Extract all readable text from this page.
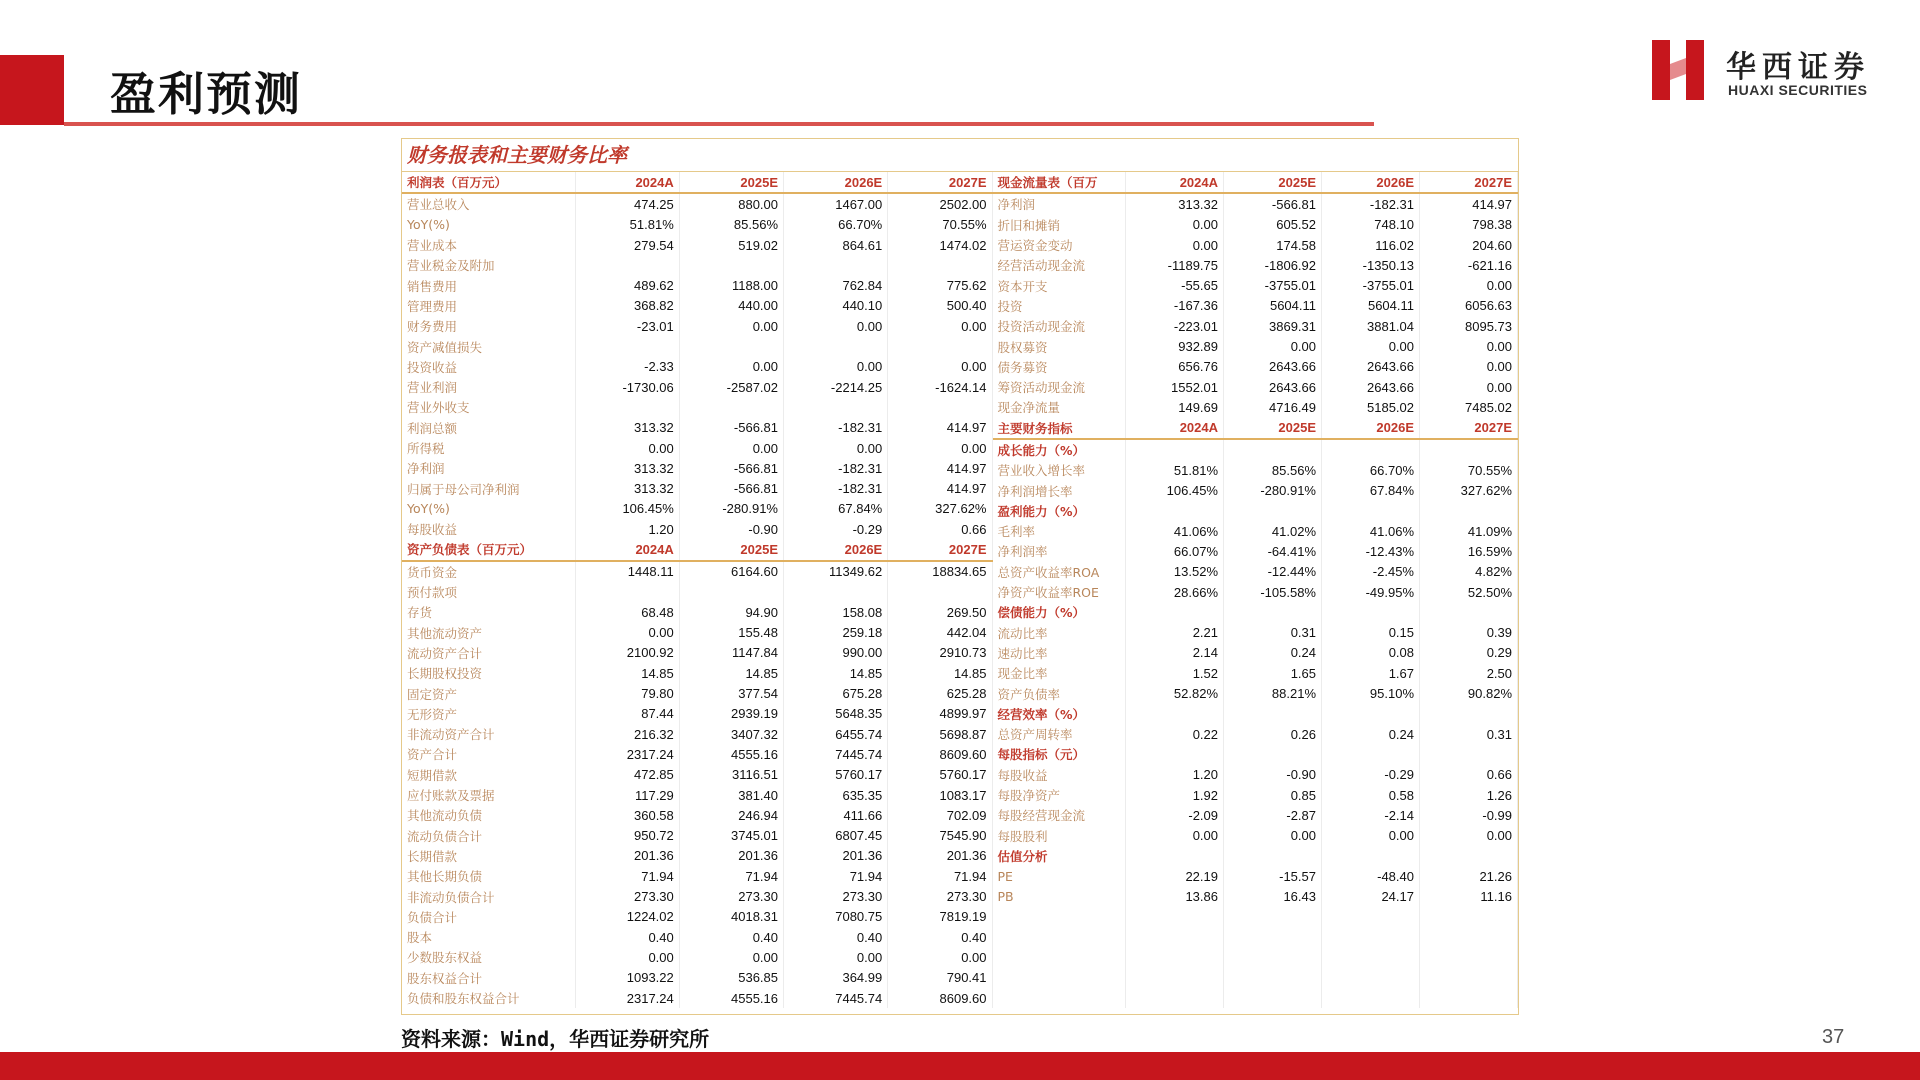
盈利预测	华西证券
HUAXI SECURITIES
财务报表和主要财务比率
利润表（百万元）	2024A	2025E	2026E	2027E
营业总收入	474.25	880.00	1467.00	2502.00
YoY(%)	51.81%	85.56%	66.70%	70.55%
营业成本	279.54	519.02	864.61	1474.02
营业税金及附加				
销售费用	489.62	1188.00	762.84	775.62
管理费用	368.82	440.00	440.10	500.40
财务费用	-23.01	0.00	0.00	0.00
资产减值损失				
投资收益	-2.33	0.00	0.00	0.00
营业利润	-1730.06	-2587.02	-2214.25	-1624.14
营业外收支				
利润总额	313.32	-566.81	-182.31	414.97
所得税	0.00	0.00	0.00	0.00
净利润	313.32	-566.81	-182.31	414.97
归属于母公司净利润	313.32	-566.81	-182.31	414.97
YoY(%)	106.45%	-280.91%	67.84%	327.62%
每股收益	1.20	-0.90	-0.29	0.66
资产负债表（百万元）	2024A	2025E	2026E	2027E
货币资金	1448.11	6164.60	11349.62	18834.65
预付款项				
存货	68.48	94.90	158.08	269.50
其他流动资产	0.00	155.48	259.18	442.04
流动资产合计	2100.92	1147.84	990.00	2910.73
长期股权投资	14.85	14.85	14.85	14.85
固定资产	79.80	377.54	675.28	625.28
无形资产	87.44	2939.19	5648.35	4899.97
非流动资产合计	216.32	3407.32	6455.74	5698.87
资产合计	2317.24	4555.16	7445.74	8609.60
短期借款	472.85	3116.51	5760.17	5760.17
应付账款及票据	117.29	381.40	635.35	1083.17
其他流动负债	360.58	246.94	411.66	702.09
流动负债合计	950.72	3745.01	6807.45	7545.90
长期借款	201.36	201.36	201.36	201.36
其他长期负债	71.94	71.94	71.94	71.94
非流动负债合计	273.30	273.30	273.30	273.30
负债合计	1224.02	4018.31	7080.75	7819.19
股本	0.40	0.40	0.40	0.40
少数股东权益	0.00	0.00	0.00	0.00
股东权益合计	1093.22	536.85	364.99	790.41
负债和股东权益合计	2317.24	4555.16	7445.74	8609.60
现金流量表（百万	2024A	2025E	2026E	2027E
净利润	313.32	-566.81	-182.31	414.97
折旧和摊销	0.00	605.52	748.10	798.38
营运资金变动	0.00	174.58	116.02	204.60
经营活动现金流	-1189.75	-1806.92	-1350.13	-621.16
资本开支	-55.65	-3755.01	-3755.01	0.00
投资	-167.36	5604.11	5604.11	6056.63
投资活动现金流	-223.01	3869.31	3881.04	8095.73
股权募资	932.89	0.00	0.00	0.00
债务募资	656.76	2643.66	2643.66	0.00
筹资活动现金流	1552.01	2643.66	2643.66	0.00
现金净流量	149.69	4716.49	5185.02	7485.02
主要财务指标	2024A	2025E	2026E	2027E
成长能力（%）				
营业收入增长率	51.81%	85.56%	66.70%	70.55%
净利润增长率	106.45%	-280.91%	67.84%	327.62%
盈利能力（%）				
毛利率	41.06%	41.02%	41.06%	41.09%
净利润率	66.07%	-64.41%	-12.43%	16.59%
总资产收益率ROA	13.52%	-12.44%	-2.45%	4.82%
净资产收益率ROE	28.66%	-105.58%	-49.95%	52.50%
偿债能力（%）				
流动比率	2.21	0.31	0.15	0.39
速动比率	2.14	0.24	0.08	0.29
现金比率	1.52	1.65	1.67	2.50
资产负债率	52.82%	88.21%	95.10%	90.82%
经营效率（%）				
总资产周转率	0.22	0.26	0.24	0.31
每股指标（元）				
每股收益	1.20	-0.90	-0.29	0.66
每股净资产	1.92	0.85	0.58	1.26
每股经营现金流	-2.09	-2.87	-2.14	-0.99
每股股利	0.00	0.00	0.00	0.00
估值分析				
PE	22.19	-15.57	-48.40	21.26
PB	13.86	16.43	24.17	11.16

资料来源：Wind，华西证券研究所	37
